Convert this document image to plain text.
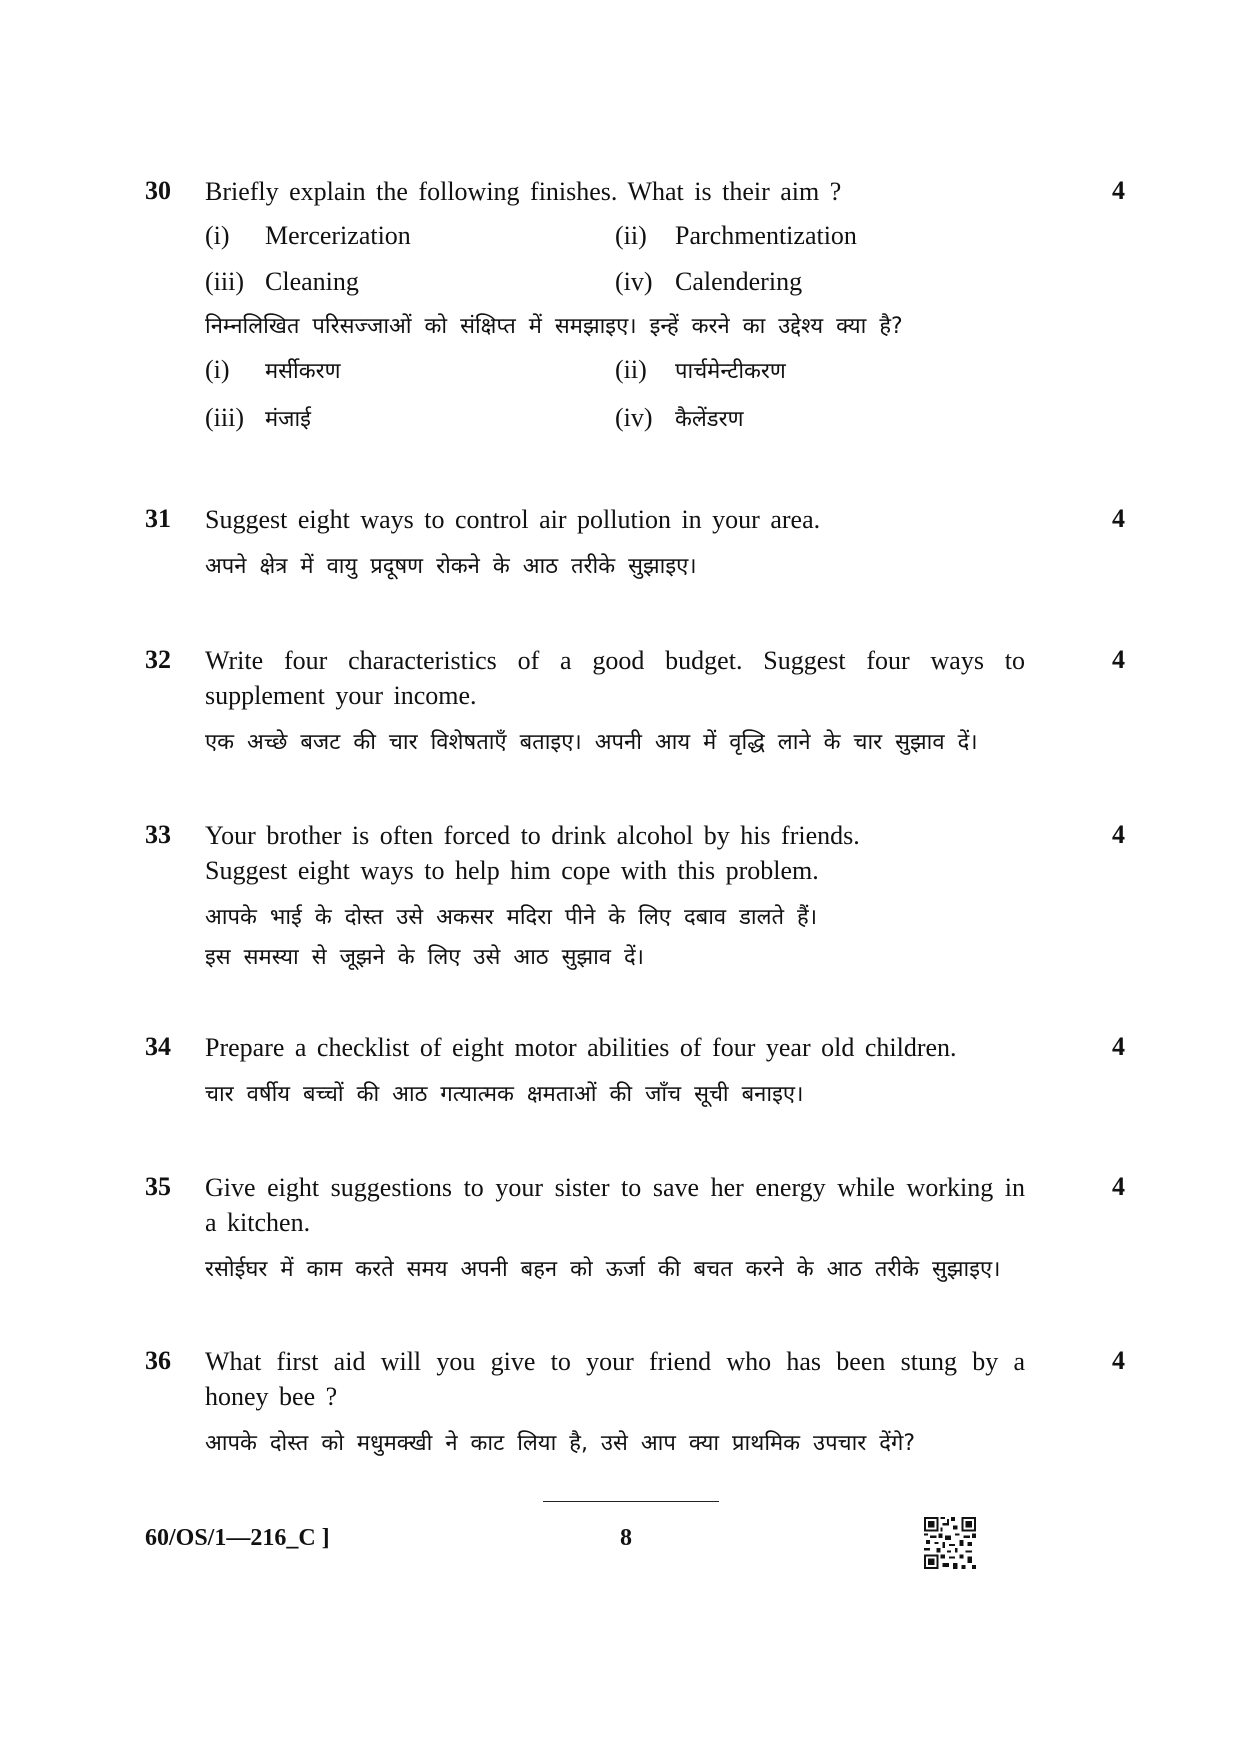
30 Briefly explain the following finishes. What is their aim ?

(i) Mercerization	(ii) Parchmentization
(iii) Cleaning	(iv) Calendering

निम्नलिखित परिसज्जाओं को संक्षिप्त में समझाइए। इन्हें करने का उद्देश्य क्या है?

(i) मर्सीकरण	(ii) पार्चमेन्टीकरण
(iii) मंजाई	(iv) कैलेंडरण
4
31 Suggest eight ways to control air pollution in your area.

अपने क्षेत्र में वायु प्रदूषण रोकने के आठ तरीके सुझाइए।

4
32 Write four characteristics of a good budget. Suggest four ways to supplement your income.

एक अच्छे बजट की चार विशेषताएँ बताइए। अपनी आय में वृद्धि लाने के चार सुझाव दें।

4
33 Your brother is often forced to drink alcohol by his friends.

Suggest eight ways to help him cope with this problem.

आपके भाई के दोस्त उसे अकसर मदिरा पीने के लिए दबाव डालते हैं।

इस समस्या से जूझने के लिए उसे आठ सुझाव दें।

4
34 Prepare a checklist of eight motor abilities of four year old children.

चार वर्षीय बच्चों की आठ गत्यात्मक क्षमताओं की जाँच सूची बनाइए।

4
35 Give eight suggestions to your sister to save her energy while working in a kitchen.

रसोईघर में काम करते समय अपनी बहन को ऊर्जा की बचत करने के आठ तरीके सुझाइए।

4
36 What first aid will you give to your friend who has been stung by a honey bee ?

आपके दोस्त को मधुमक्खी ने काट लिया है, उसे आप क्या प्राथमिक उपचार देंगे?

4
60/OS/1—216_C ]	8
